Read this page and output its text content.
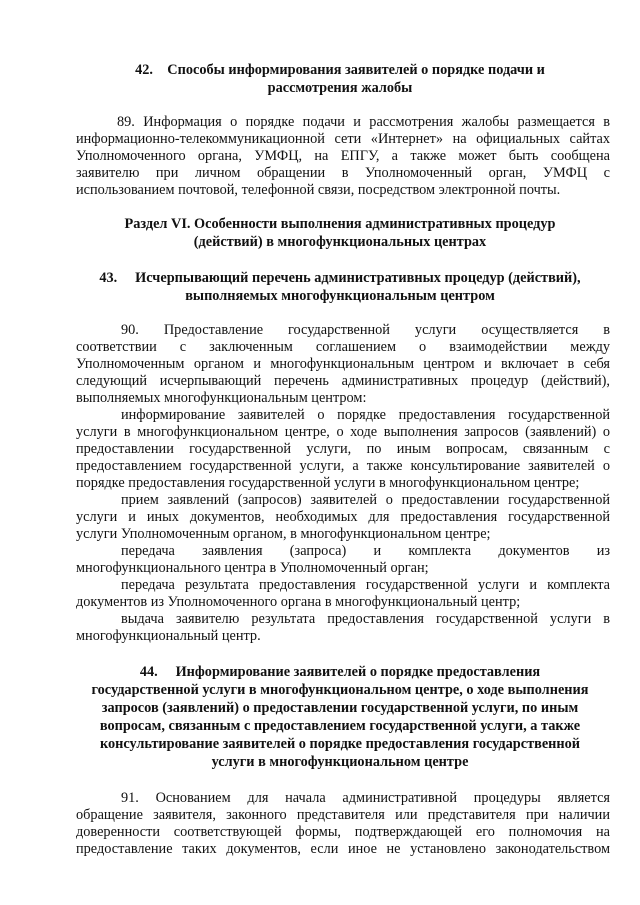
42. Способы информирования заявителей о порядке подачи и
рассмотрения жалобы
89. Информация о порядке подачи и рассмотрения жалобы размещается в
информационно-телекоммуникационной сети «Интернет» на официальных сайтах
Уполномоченного органа, УМФЦ, на ЕПГУ, а также может быть сообщена
заявителю при личном обращении в Уполномоченный орган, УМФЦ с
использованием почтовой, телефонной связи, посредством электронной почты.
Раздел VI. Особенности выполнения административных процедур
(действий) в многофункциональных центрах
43. Исчерпывающий перечень административных процедур (действий),
выполняемых многофункциональным центром
90. Предоставление государственной услуги осуществляется в
соответствии с заключенным соглашением о взаимодействии между
Уполномоченным органом и многофункциональным центром и включает в себя
следующий исчерпывающий перечень административных процедур (действий),
выполняемых многофункциональным центром:
информирование заявителей о порядке предоставления государственной
услуги в многофункциональном центре, о ходе выполнения запросов (заявлений) о
предоставлении государственной услуги, по иным вопросам, связанным с
предоставлением государственной услуги, а также консультирование заявителей о
порядке предоставления государственной услуги в многофункциональном центре;
прием заявлений (запросов) заявителей о предоставлении государственной
услуги и иных документов, необходимых для предоставления государственной
услуги Уполномоченным органом, в многофункциональном центре;
передача заявления (запроса) и комплекта документов из
многофункционального центра в Уполномоченный орган;
передача результата предоставления государственной услуги и комплекта
документов из Уполномоченного органа в многофункциональный центр;
выдача заявителю результата предоставления государственной услуги в
многофункциональный центр.
44. Информирование заявителей о порядке предоставления
государственной услуги в многофункциональном центре, о ходе выполнения
запросов (заявлений) о предоставлении государственной услуги, по иным
вопросам, связанным с предоставлением государственной услуги, а также
консультирование заявителей о порядке предоставления государственной
услуги в многофункциональном центре
91. Основанием для начала административной процедуры является
обращение заявителя, законного представителя или представителя при наличии
доверенности соответствующей формы, подтверждающей его полномочия на
предоставление таких документов, если иное не установлено законодательством
